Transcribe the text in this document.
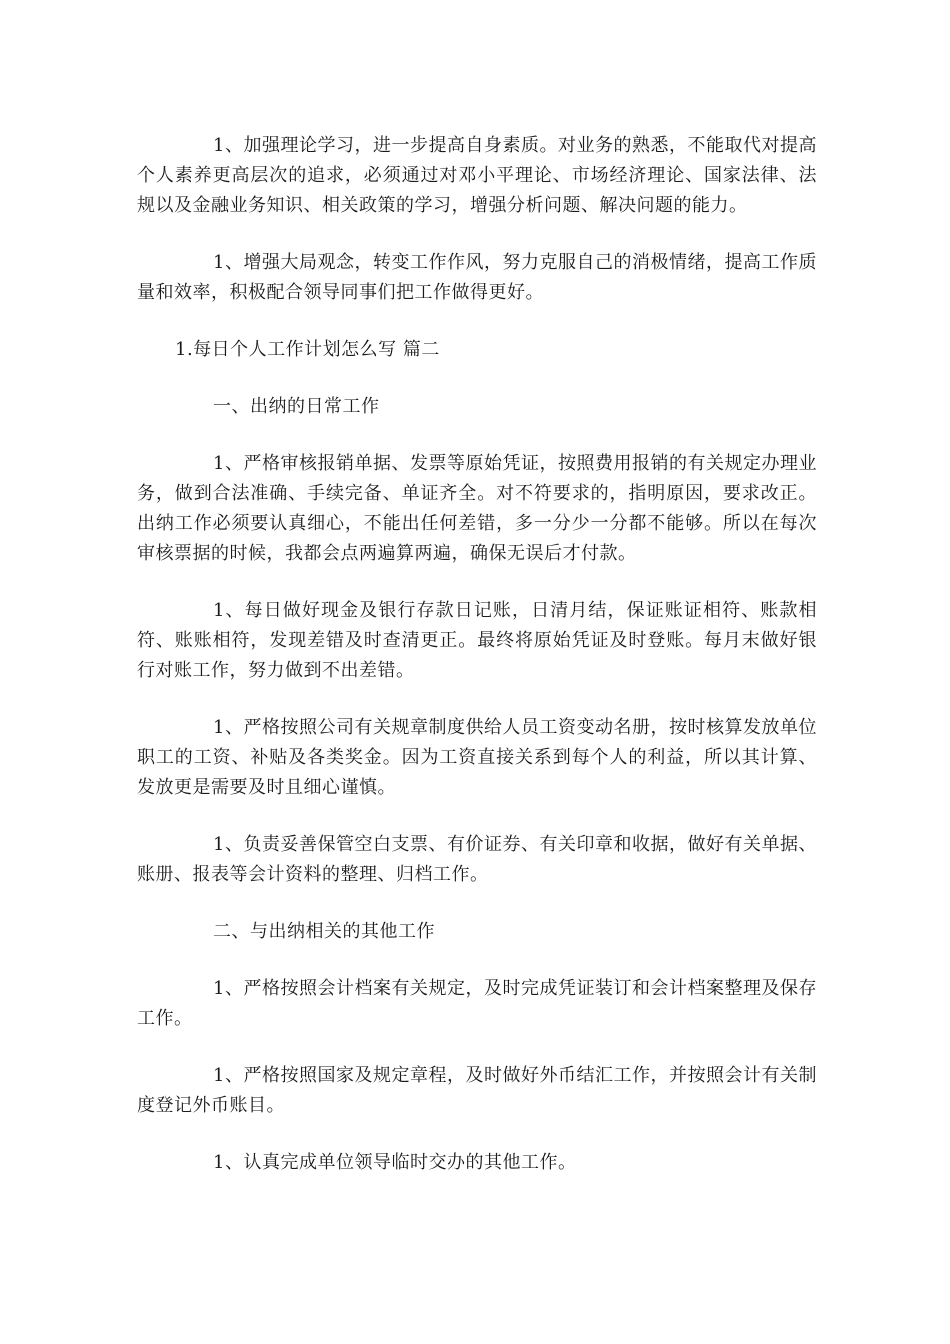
1、加强理论学习，进一步提高自身素质。对业务的熟悉，不能取代对提高个人素养更高层次的追求，必须通过对邓小平理论、市场经济理论、国家法律、法规以及金融业务知识、相关政策的学习，增强分析问题、解决问题的能力。

1、增强大局观念，转变工作作风，努力克服自己的消极情绪，提高工作质量和效率，积极配合领导同事们把工作做得更好。

1.每日个人工作计划怎么写 篇二

一、出纳的日常工作

1、严格审核报销单据、发票等原始凭证，按照费用报销的有关规定办理业务，做到合法准确、手续完备、单证齐全。对不符要求的，指明原因，要求改正。出纳工作必须要认真细心，不能出任何差错，多一分少一分都不能够。所以在每次审核票据的时候，我都会点两遍算两遍，确保无误后才付款。

1、每日做好现金及银行存款日记账，日清月结，保证账证相符、账款相符、账账相符，发现差错及时查清更正。最终将原始凭证及时登账。每月末做好银行对账工作，努力做到不出差错。

1、严格按照公司有关规章制度供给人员工资变动名册，按时核算发放单位职工的工资、补贴及各类奖金。因为工资直接关系到每个人的利益，所以其计算、发放更是需要及时且细心谨慎。

1、负责妥善保管空白支票、有价证券、有关印章和收据，做好有关单据、账册、报表等会计资料的整理、归档工作。

二、与出纳相关的其他工作

1、严格按照会计档案有关规定，及时完成凭证装订和会计档案整理及保存工作。

1、严格按照国家及规定章程，及时做好外币结汇工作，并按照会计有关制度登记外币账目。

1、认真完成单位领导临时交办的其他工作。
